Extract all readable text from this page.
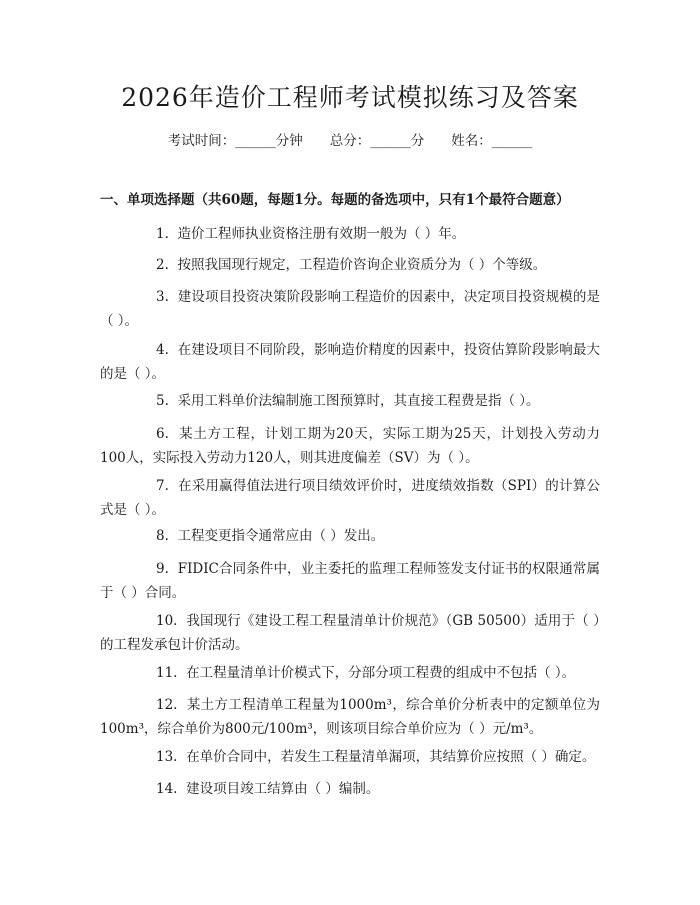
2026年造价工程师考试模拟练习及答案
考试时间：______分钟　　总分：______分　　姓名：______
一、单项选择题（共60题，每题1分。每题的备选项中，只有1个最符合题意）
1. 造价工程师执业资格注册有效期一般为（ ）年。
2. 按照我国现行规定，工程造价咨询企业资质分为（ ）个等级。
3. 建设项目投资决策阶段影响工程造价的因素中，决定项目投资规模的是（ ）。
4. 在建设项目不同阶段，影响造价精度的因素中，投资估算阶段影响最大的是（ ）。
5. 采用工料单价法编制施工图预算时，其直接工程费是指（ ）。
6. 某土方工程，计划工期为20天，实际工期为25天，计划投入劳动力100人，实际投入劳动力120人，则其进度偏差（SV）为（ ）。
7. 在采用赢得值法进行项目绩效评价时，进度绩效指数（SPI）的计算公式是（ ）。
8. 工程变更指令通常应由（ ）发出。
9. FIDIC合同条件中，业主委托的监理工程师签发支付证书的权限通常属于（ ）合同。
10. 我国现行《建设工程工程量清单计价规范》（GB 50500）适用于（ ）的工程发承包计价活动。
11. 在工程量清单计价模式下，分部分项工程费的组成中不包括（ ）。
12. 某土方工程清单工程量为1000m³，综合单价分析表中的定额单位为100m³，综合单价为800元/100m³，则该项目综合单价应为（ ）元/m³。
13. 在单价合同中，若发生工程量清单漏项，其结算价应按照（ ）确定。
14. 建设项目竣工结算由（ ）编制。
